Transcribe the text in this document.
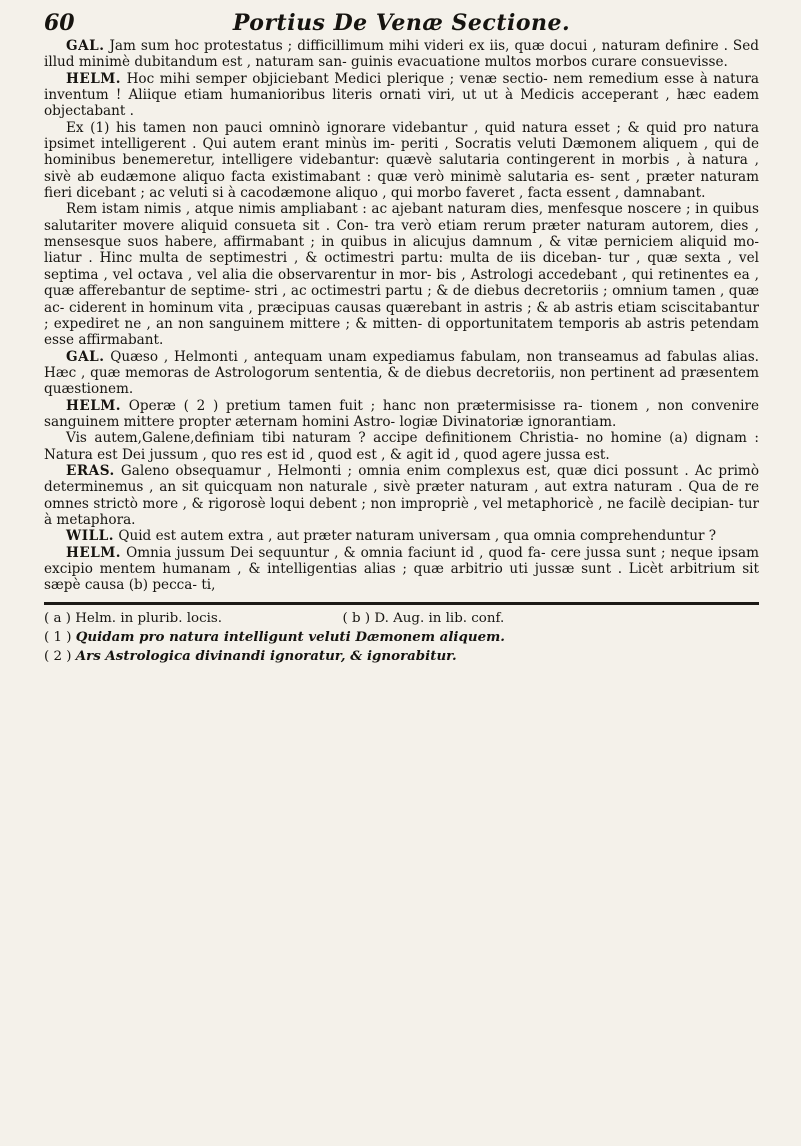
60	Portius De Venæ Sectione.

GAL. Jam sum hoc protestatus ; difficillimum mihi videri ex iis, quæ docui , naturam definire . Sed illud minimè dubitandum est , naturam san- guinis evacuatione multos morbos curare consuevisse.

HELM. Hoc mihi semper objiciebant Medici plerique ; venæ sectio- nem remedium esse à natura inventum ! Aliique etiam humanioribus literis ornati viri, ut ut à Medicis acceperant , hæc eadem objectabant .

Ex (1) his tamen non pauci omninò ignorare videbantur , quid natura esset ; & quid pro natura ipsimet intelligerent . Qui autem erant minùs im- periti , Socratis veluti Dæmonem aliquem , qui de hominibus benemeretur, intelligere videbantur: quævè salutaria contingerent in morbis , à natura , sivè ab eudæmone aliquo facta existimabant : quæ verò minimè salutaria es- sent , præter naturam fieri dicebant ; ac veluti si à cacodæmone aliquo , qui morbo faveret , facta essent , damnabant.

Rem istam nimis , atque nimis ampliabant : ac ajebant naturam dies, menfesque noscere ; in quibus salutariter movere aliquid consueta sit . Con- tra verò etiam rerum præter naturam autorem, dies , mensesque suos habere, affirmabant ; in quibus in alicujus damnum , & vitæ perniciem aliquid mo- liatur . Hinc multa de septimestri , & octimestri partu: multa de iis diceban- tur , quæ sexta , vel septima , vel octava , vel alia die observarentur in mor- bis , Astrologi accedebant , qui retinentes ea , quæ afferebantur de septime- stri , ac octimestri partu ; & de diebus decretoriis ; omnium tamen , quæ ac- ciderent in hominum vita , præcipuas causas quærebant in astris ; & ab astris etiam sciscitabantur ; expediret ne , an non sanguinem mittere ; & mitten- di opportunitatem temporis ab astris petendam esse affirmabant.

GAL. Quæso , Helmonti , antequam unam expediamus fabulam, non transeamus ad fabulas alias. Hæc , quæ memoras de Astrologorum sententia, & de diebus decretoriis, non pertinent ad præsentem quæstionem.

HELM. Operæ ( 2 ) pretium tamen fuit ; hanc non prætermisisse ra- tionem , non convenire sanguinem mittere propter æternam homini Astro- logiæ Divinatoriæ ignorantiam.

Vis autem,Galene,definiam tibi naturam ? accipe definitionem Christia- no homine (a) dignam : Natura est Dei jussum , quo res est id , quod est , & agit id , quod agere jussa est.

ERAS. Galeno obsequamur , Helmonti ; omnia enim complexus est, quæ dici possunt . Ac primò determinemus , an sit quicquam non naturale , sivè præter naturam , aut extra naturam . Qua de re omnes strictò more , & rigorosè loqui debent ; non impropriè , vel metaphoricè , ne facilè decipian- tur à metaphora.

WILL. Quid est autem extra , aut præter naturam universam , qua omnia comprehenduntur ?

HELM. Omnia jussum Dei sequuntur , & omnia faciunt id , quod fa- cere jussa sunt ; neque ipsam excipio mentem humanam , & intelligentias alias ; quæ arbitrio uti jussæ sunt . Licèt arbitrium sit sæpè causa (b) pecca- ti,

( a ) Helm. in plurib. locis.	( b ) D. Aug. in lib. conf.
( 1 ) Quidam pro natura intelligunt veluti Dæmonem aliquem.
( 2 ) Ars Astrologica divinandi ignoratur, & ignorabitur.
